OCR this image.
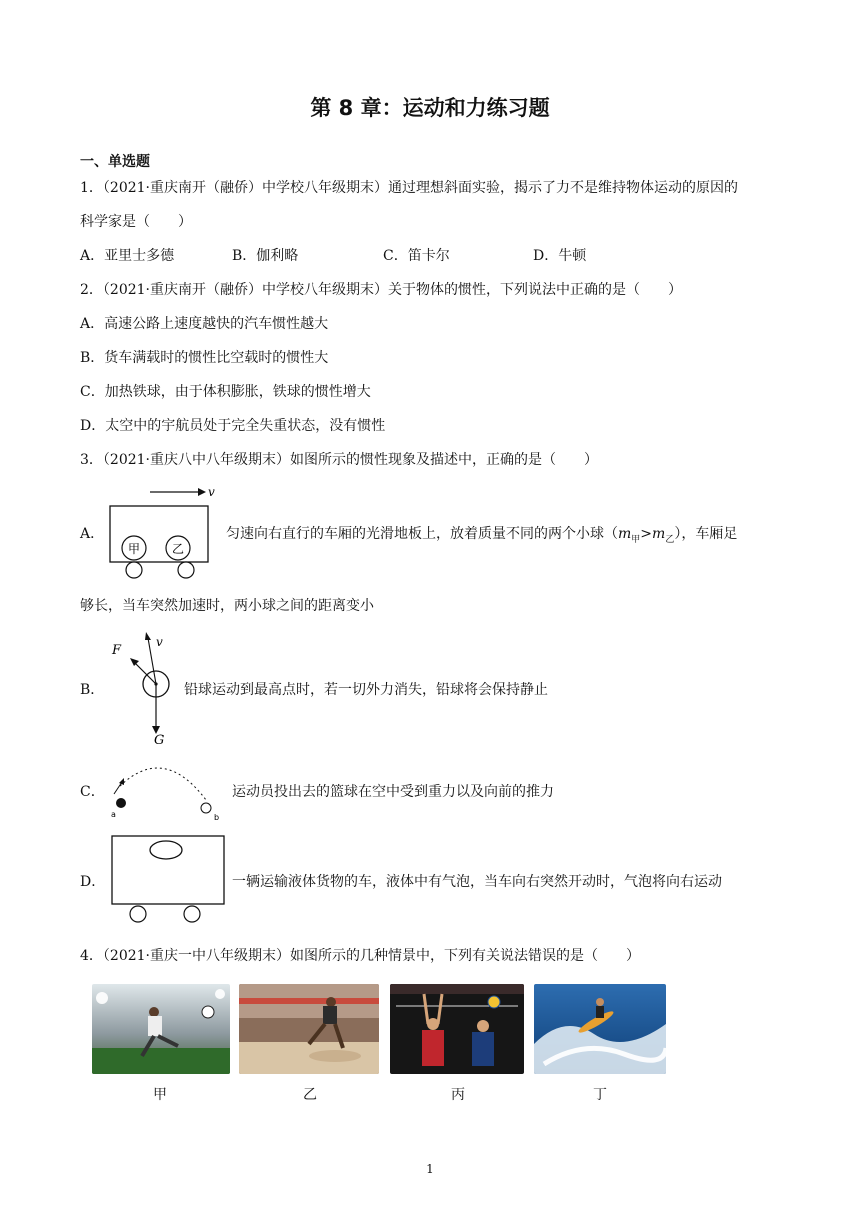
第 8 章：运动和力练习题
一、单选题
1．（2021·重庆南开（融侨）中学校八年级期末）通过理想斜面实验，揭示了力不是维持物体运动的原因的
科学家是（　　）
A．亚里士多德	B．伽利略	C．笛卡尔	D．牛顿
2．（2021·重庆南开（融侨）中学校八年级期末）关于物体的惯性，下列说法中正确的是（　　）
A．高速公路上速度越快的汽车惯性越大
B．货车满载时的惯性比空载时的惯性大
C．加热铁球，由于体积膨胀，铁球的惯性增大
D．太空中的宇航员处于完全失重状态，没有惯性
3．（2021·重庆八中八年级期末）如图所示的惯性现象及描述中，正确的是（　　）
A．
v
甲	乙
匀速向右直行的车厢的光滑地板上，放着质量不同的两个小球$(m_甲>m_乙)$，车厢足
够长，当车突然加速时，两小球之间的距离变小
B．
F
v
G
铅球运动到最高点时，若一切外力消失，铅球将会保持静止
C．
a	b
运动员投出去的篮球在空中受到重力以及向前的推力
D．	一辆运输液体货物的车，液体中有气泡，当车向右突然开动时，气泡将向右运动
4．（2021·重庆一中八年级期末）如图所示的几种情景中，下列有关说法错误的是（　　）
甲	乙	丙	丁
1
